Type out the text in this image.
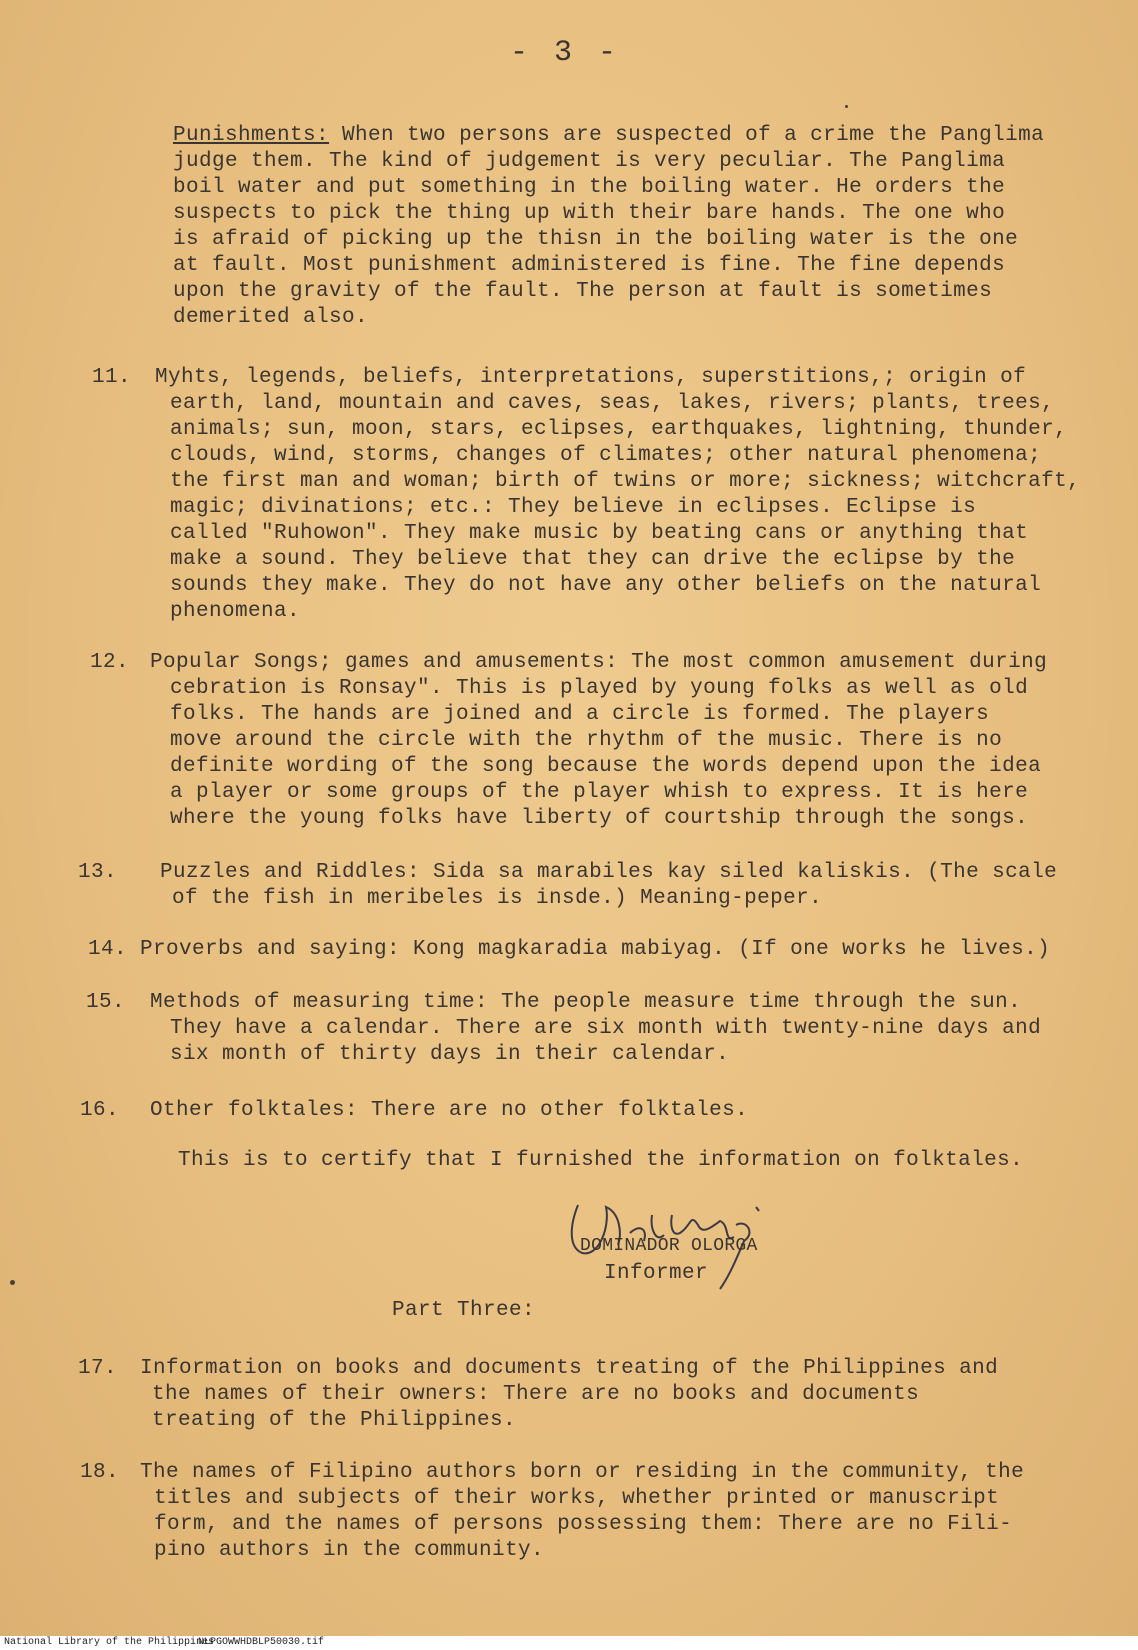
- 3 -
Punishments: When two persons are suspected of a crime the Panglima
judge them. The kind of judgement is very peculiar. The Panglima
boil water and put something in the boiling water. He orders the
suspects to pick the thing up with their bare hands. The one who
is afraid of picking up the thisn in the boiling water is the one
at fault. Most punishment administered is fine. The fine depends
upon the gravity of the fault. The person at fault is sometimes
demerited also.
11. Myhts, legends, beliefs, interpretations, superstitions,; origin of
earth, land, mountain and caves, seas, lakes, rivers; plants, trees,
animals; sun, moon, stars, eclipses, earthquakes, lightning, thunder,
clouds, wind, storms, changes of climates; other natural phenomena;
the first man and woman; birth of twins or more; sickness; witchcraft,
magic; divinations; etc.: They believe in eclipses. Eclipse is
called "Ruhowon". They make music by beating cans or anything that
make a sound. They believe that they can drive the eclipse by the
sounds they make. They do not have any other beliefs on the natural
phenomena.
12. Popular Songs; games and amusements: The most common amusement during
cebration is Ronsay". This is played by young folks as well as old
folks. The hands are joined and a circle is formed. The players
move around the circle with the rhythm of the music. There is no
definite wording of the song because the words depend upon the idea
a player or some groups of the player whish to express. It is here
where the young folks have liberty of courtship through the songs.
13. Puzzles and Riddles: Sida sa marabiles kay siled kaliskis. (The scale
of the fish in meribeles is insde.) Meaning-peper.
14. Proverbs and saying: Kong magkaradia mabiyag. (If one works he lives.)
15. Methods of measuring time: The people measure time through the sun.
They have a calendar. There are six month with twenty-nine days and
six month of thirty days in their calendar.
16. Other folktales: There are no other folktales.
This is to certify that I furnished the information on folktales.
DOMINADOR OLORGA
Informer
Part Three:
17. Information on books and documents treating of the Philippines and
the names of their owners: There are no books and documents
treating of the Philippines.
18. The names of Filipino authors born or residing in the community, the
titles and subjects of their works, whether printed or manuscript
form, and the names of persons possessing them: There are no Fili-
pino authors in the community.
National Library of the Philippines
NLPGOWWHDBLP50030.tif
